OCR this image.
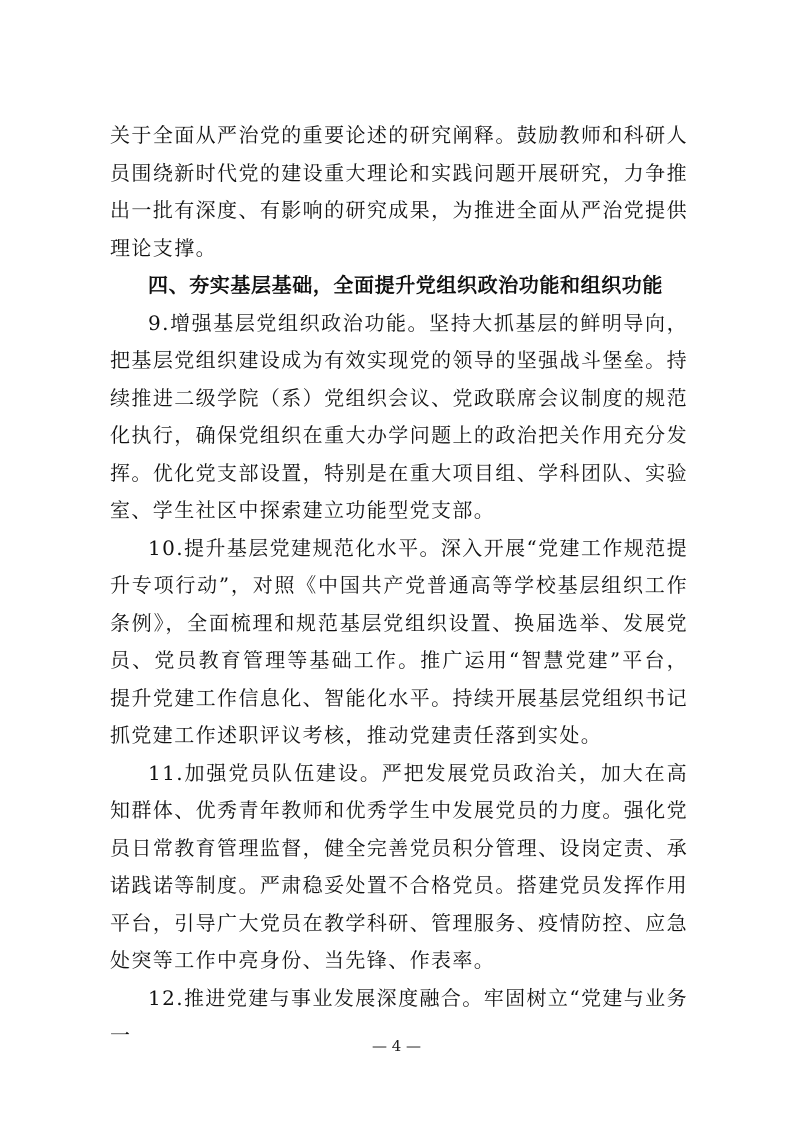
关于全面从严治党的重要论述的研究阐释。鼓励教师和科研人员围绕新时代党的建设重大理论和实践问题开展研究，力争推出一批有深度、有影响的研究成果，为推进全面从严治党提供理论支撑。

四、夯实基层基础，全面提升党组织政治功能和组织功能

9.增强基层党组织政治功能。坚持大抓基层的鲜明导向，把基层党组织建设成为有效实现党的领导的坚强战斗堡垒。持续推进二级学院（系）党组织会议、党政联席会议制度的规范化执行，确保党组织在重大办学问题上的政治把关作用充分发挥。优化党支部设置，特别是在重大项目组、学科团队、实验室、学生社区中探索建立功能型党支部。

10.提升基层党建规范化水平。深入开展“党建工作规范提升专项行动”，对照《中国共产党普通高等学校基层组织工作条例》，全面梳理和规范基层党组织设置、换届选举、发展党员、党员教育管理等基础工作。推广运用“智慧党建”平台，提升党建工作信息化、智能化水平。持续开展基层党组织书记抓党建工作述职评议考核，推动党建责任落到实处。

11.加强党员队伍建设。严把发展党员政治关，加大在高知群体、优秀青年教师和优秀学生中发展党员的力度。强化党员日常教育管理监督，健全完善党员积分管理、设岗定责、承诺践诺等制度。严肃稳妥处置不合格党员。搭建党员发挥作用平台，引导广大党员在教学科研、管理服务、疫情防控、应急处突等工作中亮身份、当先锋、作表率。

12.推进党建与事业发展深度融合。牢固树立“党建与业务一	— 4 —
